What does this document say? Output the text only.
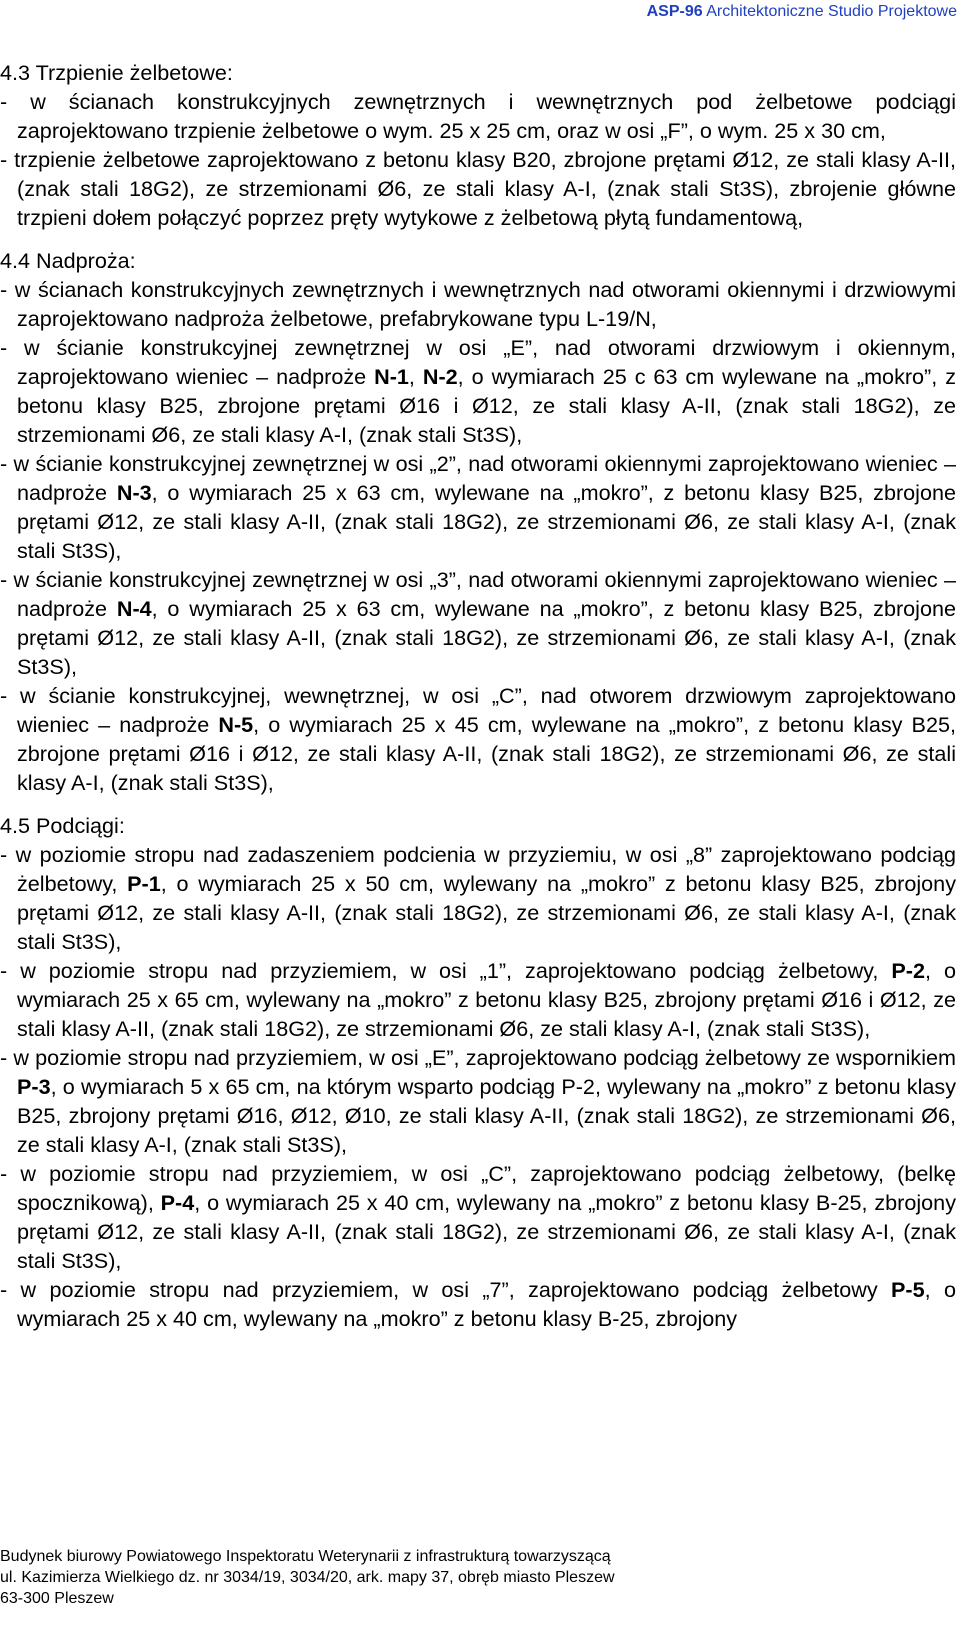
ASP-96 Architektoniczne Studio Projektowe
4.3 Trzpienie żelbetowe:
- w ścianach konstrukcyjnych zewnętrznych i wewnętrznych pod żelbetowe podciągi zaprojektowano trzpienie żelbetowe o wym. 25 x 25 cm, oraz w osi „F”, o wym. 25 x 30 cm,
- trzpienie żelbetowe zaprojektowano z betonu klasy B20, zbrojone prętami Ø12, ze stali klasy A-II, (znak stali 18G2), ze strzemionami Ø6, ze stali klasy A-I, (znak stali St3S), zbrojenie główne trzpieni dołem połączyć poprzez pręty wytykowe z żelbetową płytą fundamentową,
4.4 Nadproża:
- w ścianach konstrukcyjnych zewnętrznych i wewnętrznych nad otworami okiennymi i drzwiowymi zaprojektowano nadproża żelbetowe, prefabrykowane typu L-19/N,
- w ścianie konstrukcyjnej zewnętrznej w osi „E”, nad otworami drzwiowym i okiennym, zaprojektowano wieniec – nadproże N-1, N-2, o wymiarach 25 c 63 cm wylewane na „mokro”, z betonu klasy B25, zbrojone prętami Ø16 i Ø12, ze stali klasy A-II, (znak stali 18G2), ze strzemionami Ø6, ze stali klasy A-I, (znak stali St3S),
- w ścianie konstrukcyjnej zewnętrznej w osi „2”, nad otworami okiennymi zaprojektowano wieniec – nadproże N-3, o wymiarach 25 x 63 cm, wylewane na „mokro”, z betonu klasy B25, zbrojone prętami Ø12, ze stali klasy A-II, (znak stali 18G2), ze strzemionami Ø6, ze stali klasy A-I, (znak stali St3S),
- w ścianie konstrukcyjnej zewnętrznej w osi „3”, nad otworami okiennymi zaprojektowano wieniec – nadproże N-4, o wymiarach 25 x 63 cm, wylewane na „mokro”, z betonu klasy B25, zbrojone prętami Ø12, ze stali klasy A-II, (znak stali 18G2), ze strzemionami Ø6, ze stali klasy A-I, (znak St3S),
- w ścianie konstrukcyjnej, wewnętrznej, w osi „C”, nad otworem drzwiowym zaprojektowano wieniec – nadproże N-5, o wymiarach 25 x 45 cm, wylewane na „mokro”, z betonu klasy B25, zbrojone prętami Ø16 i Ø12, ze stali klasy A-II, (znak stali 18G2), ze strzemionami Ø6, ze stali klasy A-I, (znak stali St3S),
4.5 Podciągi:
- w poziomie stropu nad zadaszeniem podcienia w przyziemiu, w osi „8” zaprojektowano podciąg żelbetowy, P-1, o wymiarach 25 x 50 cm, wylewany na „mokro” z betonu klasy B25, zbrojony prętami Ø12, ze stali klasy A-II, (znak stali 18G2), ze strzemionami Ø6, ze stali klasy A-I, (znak stali St3S),
- w poziomie stropu nad przyziemiem, w osi „1”, zaprojektowano podciąg żelbetowy, P-2, o wymiarach 25 x 65 cm, wylewany na „mokro” z betonu klasy B25, zbrojony prętami Ø16 i Ø12, ze stali klasy A-II, (znak stali 18G2), ze strzemionami Ø6, ze stali klasy A-I, (znak stali St3S),
- w poziomie stropu nad przyziemiem, w osi „E”, zaprojektowano podciąg żelbetowy ze wspornikiem P-3, o wymiarach 5 x 65 cm, na którym wsparto podciąg P-2, wylewany na „mokro” z betonu klasy B25, zbrojony prętami Ø16, Ø12, Ø10, ze stali klasy A-II, (znak stali 18G2), ze strzemionami Ø6, ze stali klasy A-I, (znak stali St3S),
- w poziomie stropu nad przyziemiem, w osi „C”, zaprojektowano podciąg żelbetowy, (belkę spocznikową), P-4, o wymiarach 25 x 40 cm, wylewany na „mokro” z betonu klasy B-25, zbrojony prętami Ø12, ze stali klasy A-II, (znak stali 18G2), ze strzemionami Ø6, ze stali klasy A-I, (znak stali St3S),
- w poziomie stropu nad przyziemiem, w osi „7”, zaprojektowano podciąg żelbetowy P-5, o wymiarach 25 x 40 cm, wylewany na „mokro” z betonu klasy B-25, zbrojony
Budynek biurowy Powiatowego Inspektoratu Weterynarii z infrastrukturą towarzyszącą
ul. Kazimierza Wielkiego dz. nr 3034/19, 3034/20, ark. mapy 37, obręb miasto Pleszew
63-300 Pleszew
